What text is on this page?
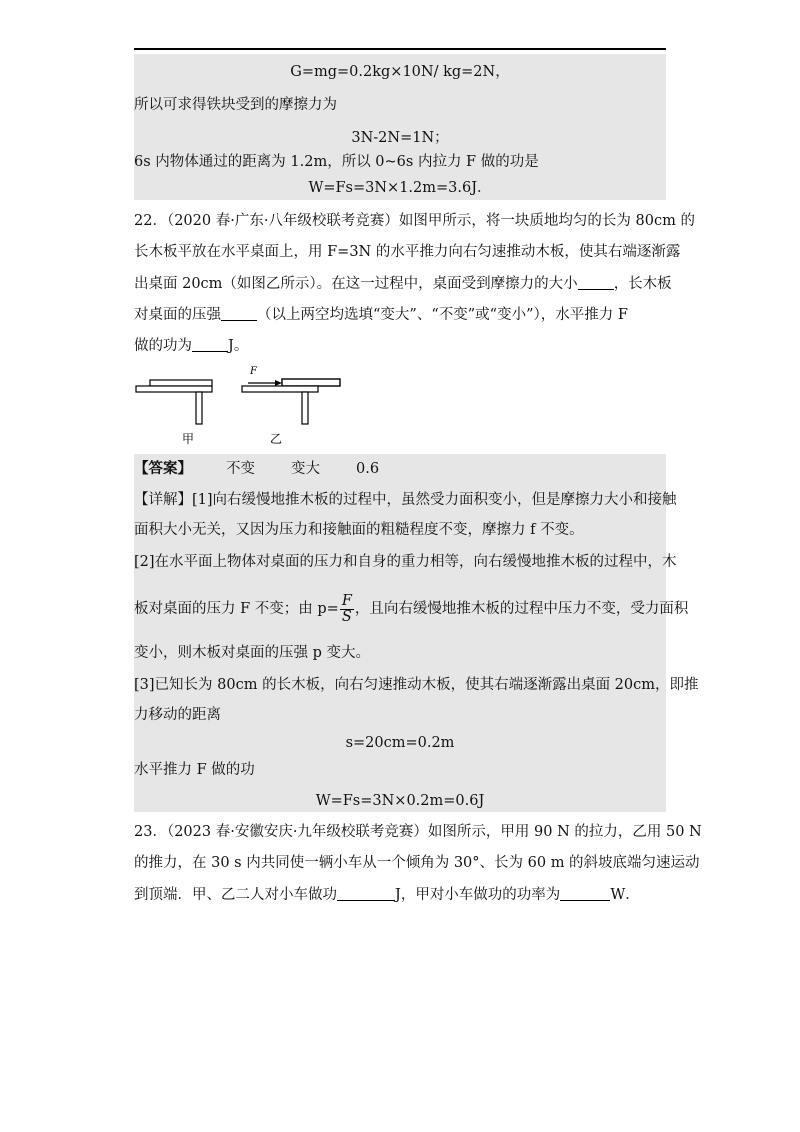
G=mg=0.2kg×10N/ kg=2N，
所以可求得铁块受到的摩擦力为
3N-2N=1N；
6s 内物体通过的距离为 1.2m，所以 0~6s 内拉力 F 做的功是
W=Fs=3N×1.2m=3.6J．
22．（2020 春·广东·八年级校联考竞赛）如图甲所示，将一块质地均匀的长为 80cm 的
长木板平放在水平桌面上，用 F=3N 的水平推力向右匀速推动木板，使其右端逐渐露
出桌面 20cm（如图乙所示）。在这一过程中，桌面受到摩擦力的大小 ，长木板
对桌面的压强 （以上两空均选填“变大”、“不变”或“变小”），水平推力 F
做的功为 J。
甲
F
乙
【答案】 不变 变大 0.6
【详解】[1]向右缓慢地推木板的过程中，虽然受力面积变小，但是摩擦力大小和接触
面积大小无关，又因为压力和接触面的粗糙程度不变，摩擦力 f 不变。
[2]在水平面上物体对桌面的压力和自身的重力相等，向右缓慢地推木板的过程中，木
板对桌面的压力 F 不变；由 $p= \frac{F}{S}$ ，且向右缓慢地推木板的过程中压力不变，受力面积
变小，则木板对桌面的压强 p 变大。
[3]已知长为 80cm 的长木板，向右匀速推动木板，使其右端逐渐露出桌面 20cm，即推
力移动的距离
s=20cm=0.2m
水平推力 F 做的功
W=Fs=3N×0.2m=0.6J
23．（2023 春·安徽安庆·九年级校联考竞赛）如图所示，甲用 90 N 的拉力，乙用 50 N
的推力，在 30 s 内共同使一辆小车从一个倾角为 30°、长为 60 m 的斜坡底端匀速运动
到顶端．甲、乙二人对小车做功	J，甲对小车做功的功率为	W．
